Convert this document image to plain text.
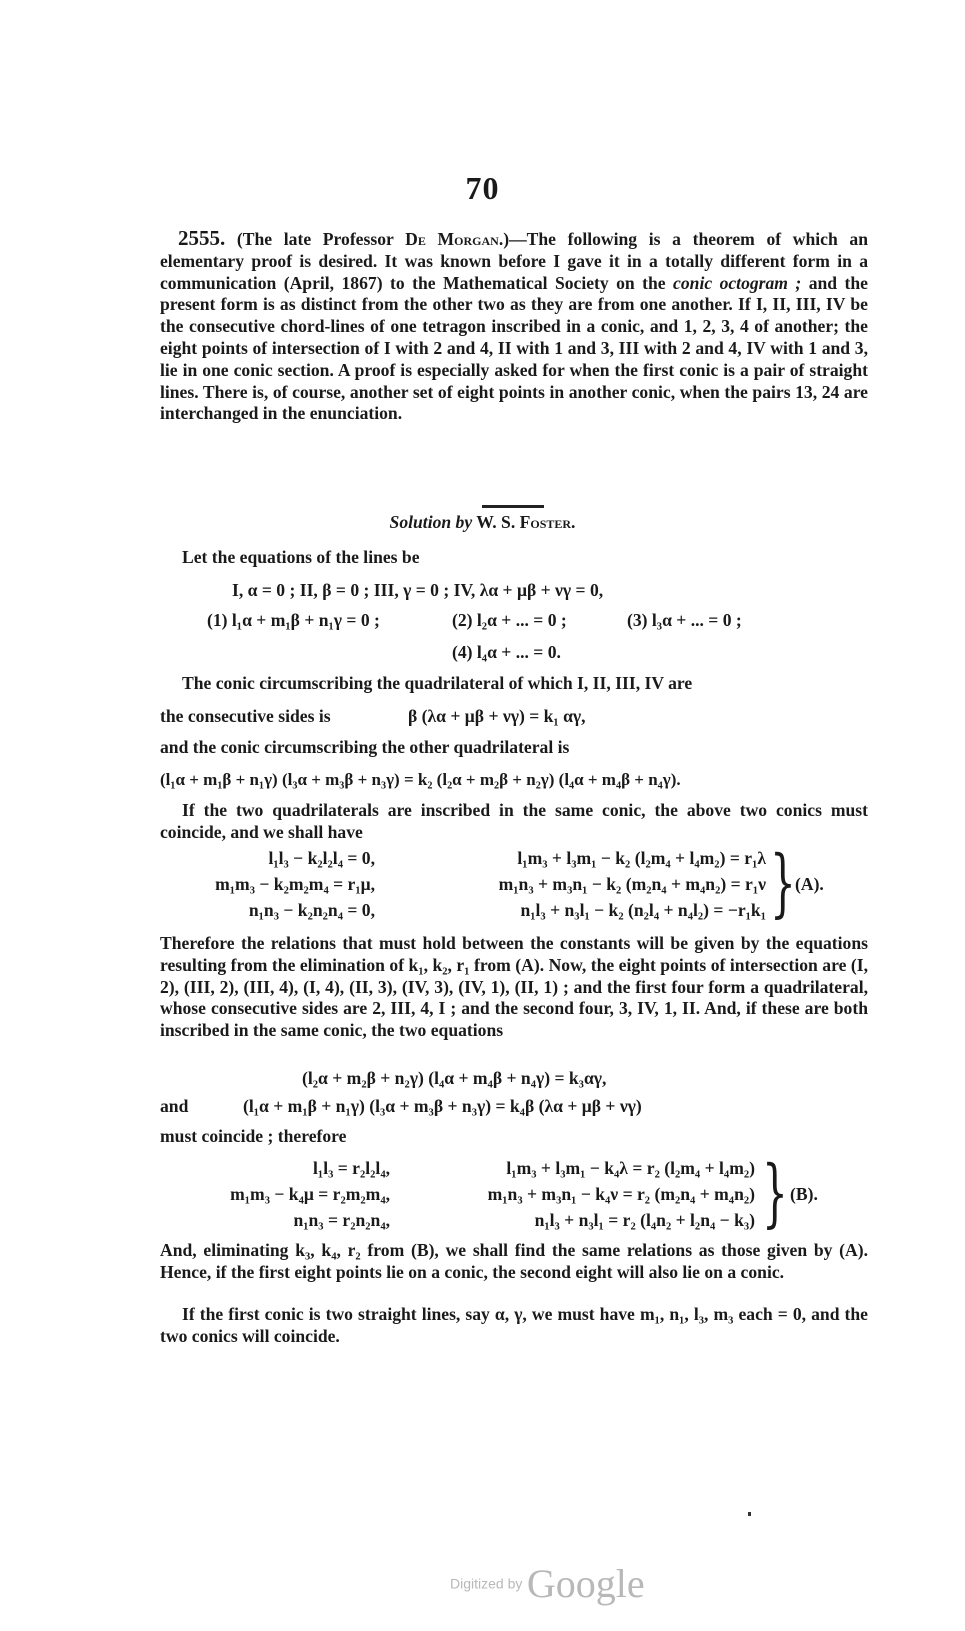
70
2555. (The late Professor De Morgan.)—The following is a theorem of which an elementary proof is desired. It was known before I gave it in a totally different form in a communication (April, 1867) to the Mathematical Society on the conic octogram ; and the present form is as distinct from the other two as they are from one another. If I, II, III, IV be the consecutive chord-lines of one tetragon inscribed in a conic, and 1, 2, 3, 4 of another; the eight points of intersection of I with 2 and 4, II with 1 and 3, III with 2 and 4, IV with 1 and 3, lie in one conic section. A proof is especially asked for when the first conic is a pair of straight lines. There is, of course, another set of eight points in another conic, when the pairs 13, 24 are interchanged in the enunciation.
Solution by W. S. Foster.
Let the equations of the lines be
I, α = 0 ; II, β = 0 ; III, γ = 0 ; IV, λα + μβ + νγ = 0,
(1) l₁α + m₁β + n₁γ = 0 ;	(2) l₂α + ... = 0 ;	(3) l₃α + ... = 0 ;
(4) l₄α + ... = 0.
The conic circumscribing the quadrilateral of which I, II, III, IV are
the consecutive sides is	β (λα + μβ + νγ) = k₁ αγ,
and the conic circumscribing the other quadrilateral is
(l₁α + m₁β + n₁γ) (l₃α + m₃β + n₃γ) = k₂ (l₂α + m₂β + n₂γ) (l₄α + m₄β + n₄γ).
If the two quadrilaterals are inscribed in the same conic, the above two conics must coincide, and we shall have
l₁l₃ − k₂l₂l₄ = 0,
m₁m₃ − k₂m₂m₄ = r₁μ,
n₁n₃ − k₂n₂n₄ = 0,
l₁m₃ + l₃m₁ − k₂ (l₂m₄ + l₄m₂) = r₁λ
m₁n₃ + m₃n₁ − k₂ (m₂n₄ + m₄n₂) = r₁ν
n₁l₃ + n₃l₁ − k₂ (n₂l₄ + n₄l₂) = −r₁k₁ } (A).
Therefore the relations that must hold between the constants will be given by the equations resulting from the elimination of k₁, k₂, r₁ from (A). Now, the eight points of intersection are (I, 2), (III, 2), (III, 4), (I, 4), (II, 3), (IV, 3), (IV, 1), (II, 1) ; and the first four form a quadrilateral, whose consecutive sides are 2, III, 4, I ; and the second four, 3, IV, 1, II. And, if these are both inscribed in the same conic, the two equations
(l₂α + m₂β + n₂γ) (l₄α + m₄β + n₄γ) = k₃αγ,
and	(l₁α + m₁β + n₁γ) (l₃α + m₃β + n₃γ) = k₄β (λα + μβ + νγ)
must coincide ; therefore
l₁l₃ = r₂l₂l₄,
m₁m₃ − k₄μ = r₂m₂m₄,
n₁n₃ = r₂n₂n₄,
l₁m₃ + l₃m₁ − k₄λ = r₂ (l₂m₄ + l₄m₂)
m₁n₃ + m₃n₁ − k₄ν = r₂ (m₂n₄ + m₄n₂)
n₁l₃ + n₃l₁ = r₂ (l₄n₂ + l₂n₄ − k₃) } (B).
And, eliminating k₃, k₄, r₂ from (B), we shall find the same relations as those given by (A). Hence, if the first eight points lie on a conic, the second eight will also lie on a conic.
If the first conic is two straight lines, say α, γ, we must have m₁, n₁, l₃, m₃ each = 0, and the two conics will coincide.
Digitized by Google
